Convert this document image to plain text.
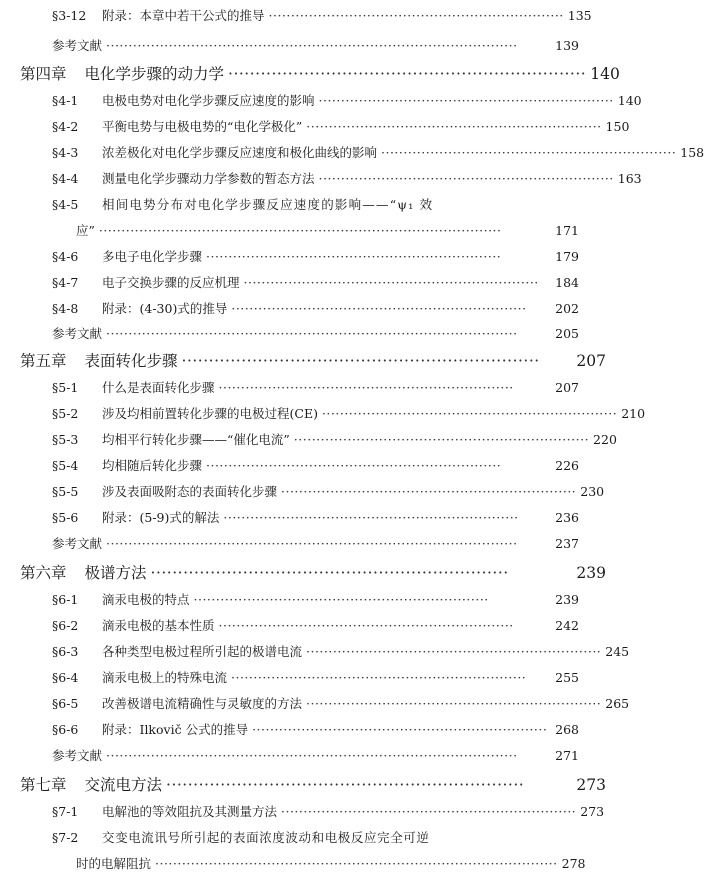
§3-12	附录：本章中若干公式的推导 ·································································· 135
参考文献 ····························································································	139
第四章 电化学步骤的动力学 ·································································· 140
§4-1	电极电势对电化学步骤反应速度的影响 ·································································· 140
§4-2	平衡电势与电极电势的“电化学极化” ·································································· 150
§4-3	浓差极化对电化学步骤反应速度和极化曲线的影响 ·································································· 158
§4-4	测量电化学步骤动力学参数的暂态方法 ·································································· 163
§4-5	相间电势分布对电化学步骤反应速度的影响——“ψ₁ 效
应” ··························································································	171
§4-6	多电子电化学步骤 ··································································	179
§4-7	电子交换步骤的反应机理 ··································································	184
§4-8	附录：(4-30)式的推导 ··································································	202
参考文献 ····························································································	205
第五章 表面转化步骤 ··································································	207
§5-1	什么是表面转化步骤 ··································································	207
§5-2	涉及均相前置转化步骤的电极过程(CE) ·································································· 210
§5-3	均相平行转化步骤——“催化电流” ·································································· 220
§5-4	均相随后转化步骤 ··································································	226
§5-5	涉及表面吸附态的表面转化步骤 ·································································· 230
§5-6	附录：(5-9)式的解法 ··································································	236
参考文献 ····························································································	237
第六章 极谱方法 ··································································	239
§6-1	滴汞电极的特点 ··································································	239
§6-2	滴汞电极的基本性质 ··································································	242
§6-3	各种类型电极过程所引起的极谱电流 ·································································· 245
§6-4	滴汞电极上的特殊电流 ··································································	255
§6-5	改善极谱电流精确性与灵敏度的方法 ·································································· 265
§6-6	附录：Ilkovič 公式的推导 ·································································· 268
参考文献 ····························································································	271
第七章 交流电方法 ··································································	273
§7-1	电解池的等效阻抗及其测量方法 ·································································· 273
§7-2	交变电流讯号所引起的表面浓度波动和电极反应完全可逆
时的电解阻抗 ·························································································· 278
